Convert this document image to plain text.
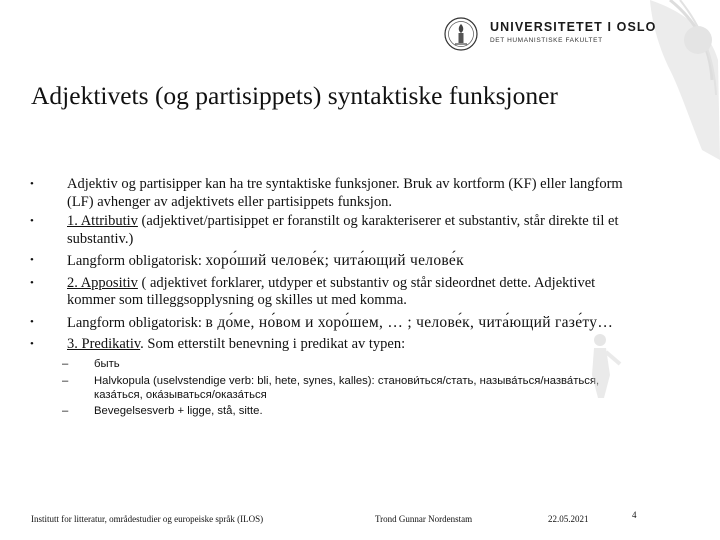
UNIVERSITETET I OSLO
DET HUMANISTISKE FAKULTET
Adjektivets (og partisippets) syntaktiske funksjoner
• Adjektiv og partisipper kan ha tre syntaktiske funksjoner. Bruk av kortform (KF) eller langform (LF) avhenger av adjektivets eller partisippets funksjon.
• 1. Attributiv (adjektivet/partisippet er foranstilt og karakteriserer et substantiv, står direkte til et substantiv.)
• Langform obligatorisk: хоро́ший челове́к; чита́ющий челове́к
• 2. Appositiv ( adjektivet forklarer, utdyper et substantiv og står sideordnet dette. Adjektivet kommer som tilleggsopplysning og skilles ut med komma.
• Langform obligatorisk: в до́ме, но́вом и хоро́шем, … ; челове́к, чита́ющий газе́ту…
• 3. Predikativ. Som etterstilt benevning i predikat av typen:
– быть
– Halvkopula (uselvstendige verb: bli, hete, synes, kalles): станови́ться/стать, называ́ться/назва́ться, каза́ться, ока́зываться/оказа́ться
– Bevegelsesverb + ligge, stå, sitte.
Institutt for litteratur, områdestudier og europeiske språk (ILOS)	Trond Gunnar Nordenstam	22.05.2021	4
